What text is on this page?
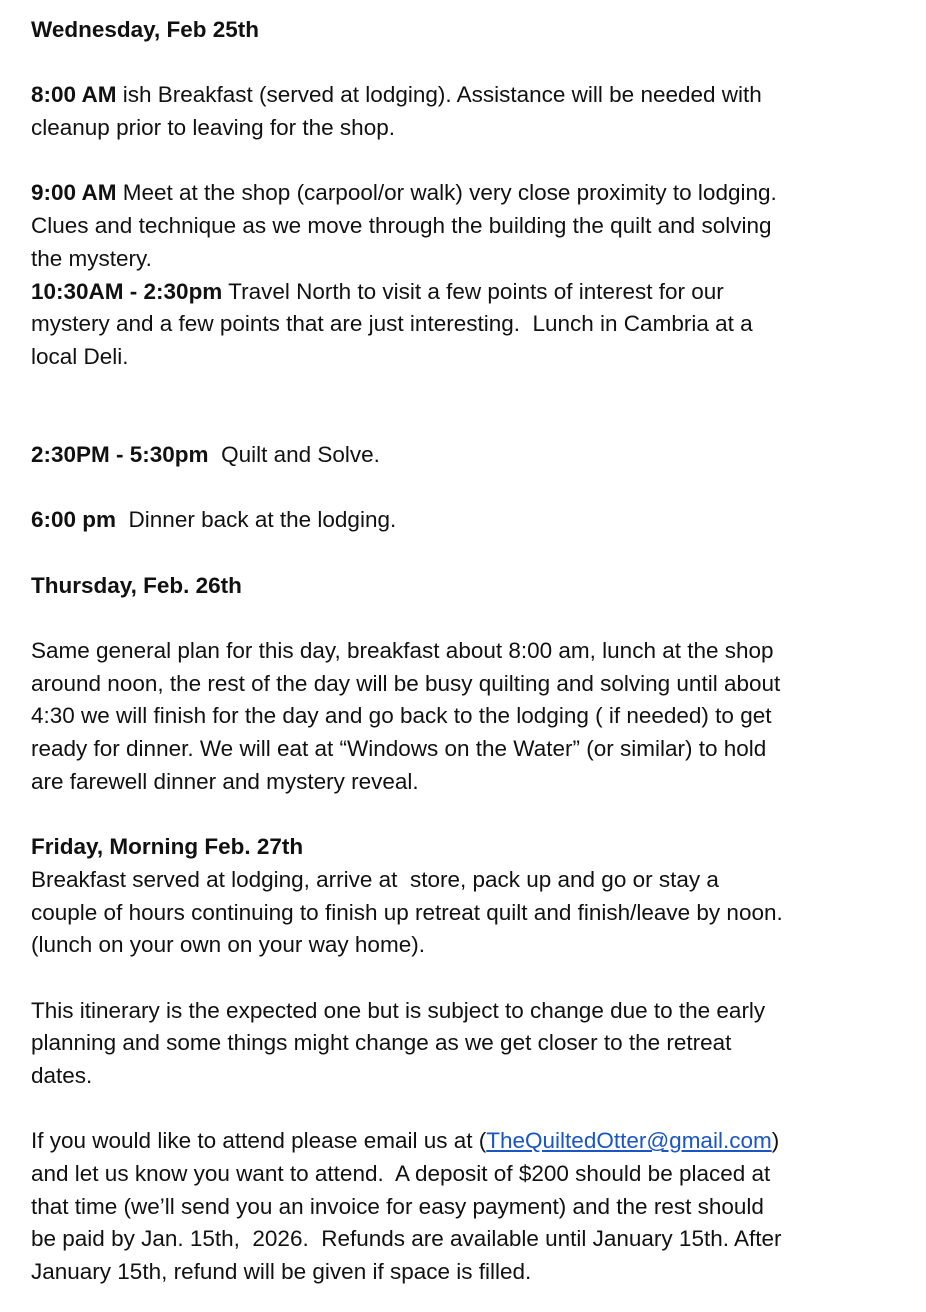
Wednesday, Feb 25th
8:00 AM ish Breakfast (served at lodging). Assistance will be needed with
cleanup prior to leaving for the shop.
9:00 AM Meet at the shop (carpool/or walk) very close proximity to lodging.
Clues and technique as we move through the building the quilt and solving
the mystery.
10:30AM - 2:30pm Travel North to visit a few points of interest for our
mystery and a few points that are just interesting.  Lunch in Cambria at a
local Deli.
2:30PM - 5:30pm  Quilt and Solve.
6:00 pm  Dinner back at the lodging.
Thursday, Feb. 26th
Same general plan for this day, breakfast about 8:00 am, lunch at the shop
around noon, the rest of the day will be busy quilting and solving until about
4:30 we will finish for the day and go back to the lodging ( if needed) to get
ready for dinner. We will eat at “Windows on the Water” (or similar) to hold
are farewell dinner and mystery reveal.
Friday, Morning Feb. 27th
Breakfast served at lodging, arrive at  store, pack up and go or stay a
couple of hours continuing to finish up retreat quilt and finish/leave by noon.
(lunch on your own on your way home).
This itinerary is the expected one but is subject to change due to the early
planning and some things might change as we get closer to the retreat
dates.
If you would like to attend please email us at (TheQuiltedOtter@gmail.com)
and let us know you want to attend.  A deposit of $200 should be placed at
that time (we’ll send you an invoice for easy payment) and the rest should
be paid by Jan. 15th,  2026.  Refunds are available until January 15th. After
January 15th, refund will be given if space is filled.
